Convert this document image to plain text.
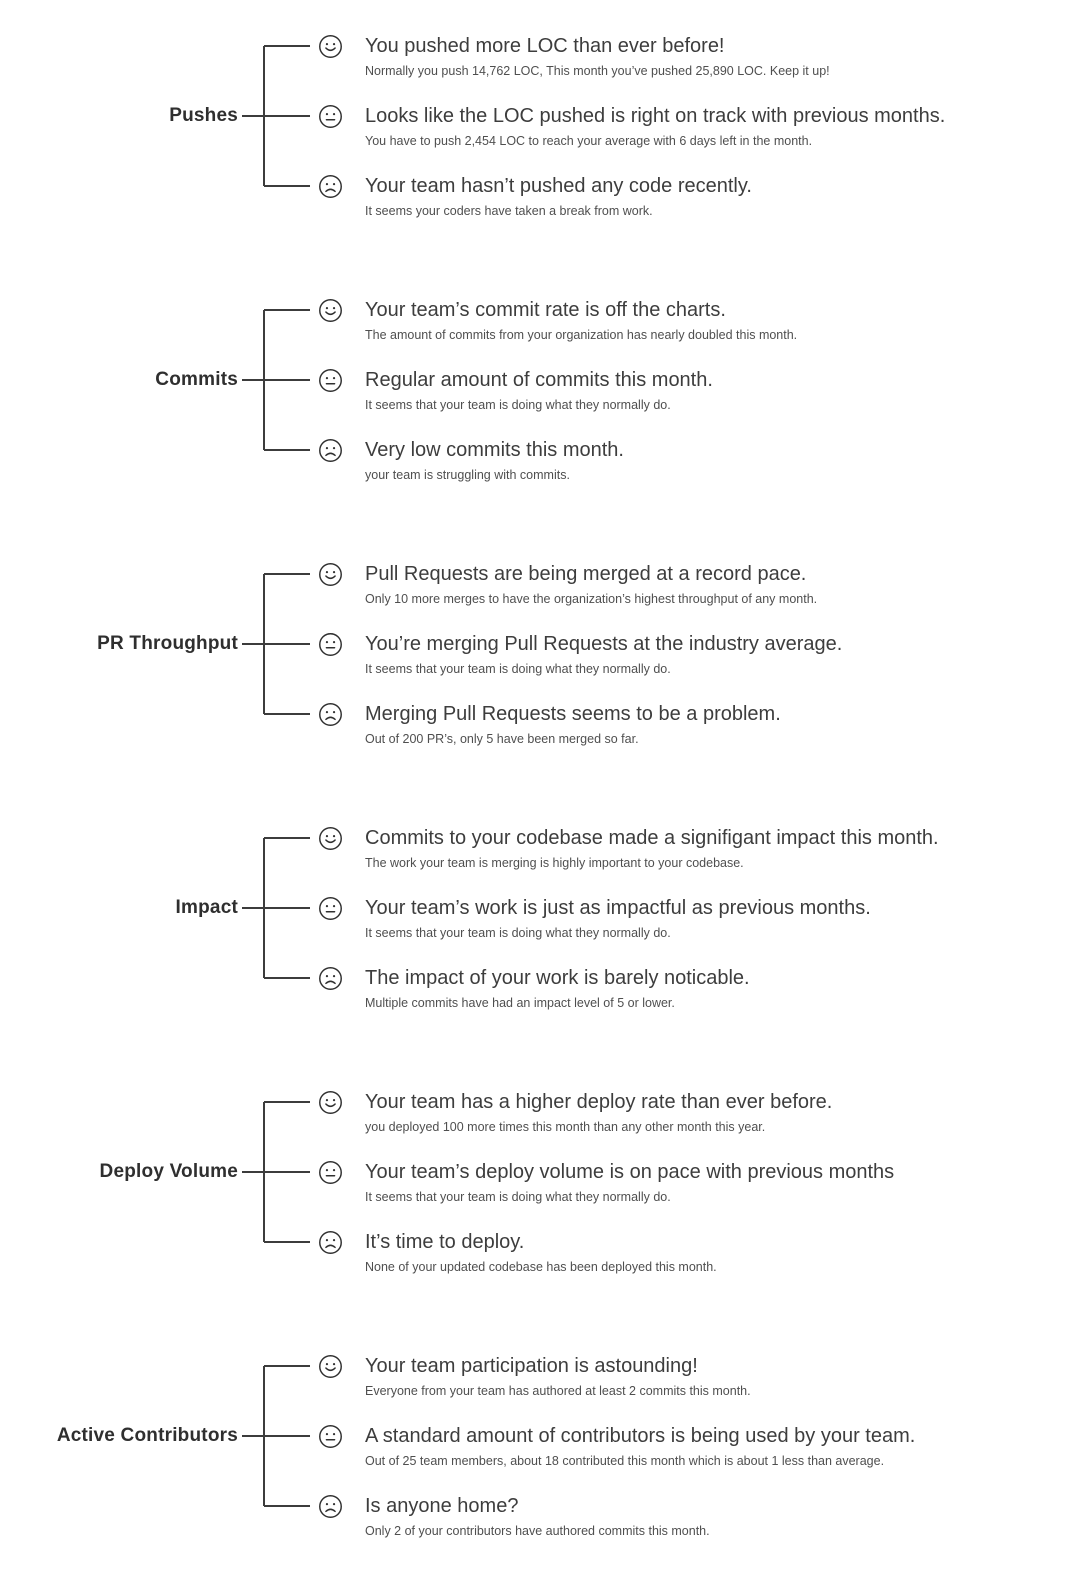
Pushes

You pushed more LOC than ever before!

Normally you push 14,762 LOC, This month you’ve pushed 25,890 LOC. Keep it up!

Looks like the LOC pushed is right on track with previous months.

You have to push 2,454 LOC to reach your average with 6 days left in the month.

Your team hasn’t pushed any code recently.

It seems your coders have taken a break from work.

Commits

Your team’s commit rate is off the charts.

The amount of commits from your organization has nearly doubled this month.

Regular amount of commits this month.

It seems that your team is doing what they normally do.

Very low commits this month.

your team is struggling with commits.

PR Throughput

Pull Requests are being merged at a record pace.

Only 10 more merges to have the organization’s highest throughput of any month.

You’re merging Pull Requests at the industry average.

It seems that your team is doing what they normally do.

Merging Pull Requests seems to be a problem.

Out of 200 PR’s, only 5 have been merged so far.

Impact

Commits to your codebase made a signifigant impact this month.

The work your team is merging is highly important to your codebase.

Your team’s work is just as impactful as previous months.

It seems that your team is doing what they normally do.

The impact of your work is barely noticable.

Multiple commits have had an impact level of 5 or lower.

Deploy Volume

Your team has a higher deploy rate than ever before.

you deployed 100 more times this month than any other month this year.

Your team’s deploy volume is on pace with previous months

It seems that your team is doing what they normally do.

It’s time to deploy.

None of your updated codebase has been deployed this month.

Active Contributors

Your team participation is astounding!

Everyone from your team has authored at least 2 commits this month.

A standard amount of contributors is being used by your team.

Out of 25 team members, about 18 contributed this month which is about 1 less than average.

Is anyone home?

Only 2 of your contributors have authored commits this month.
